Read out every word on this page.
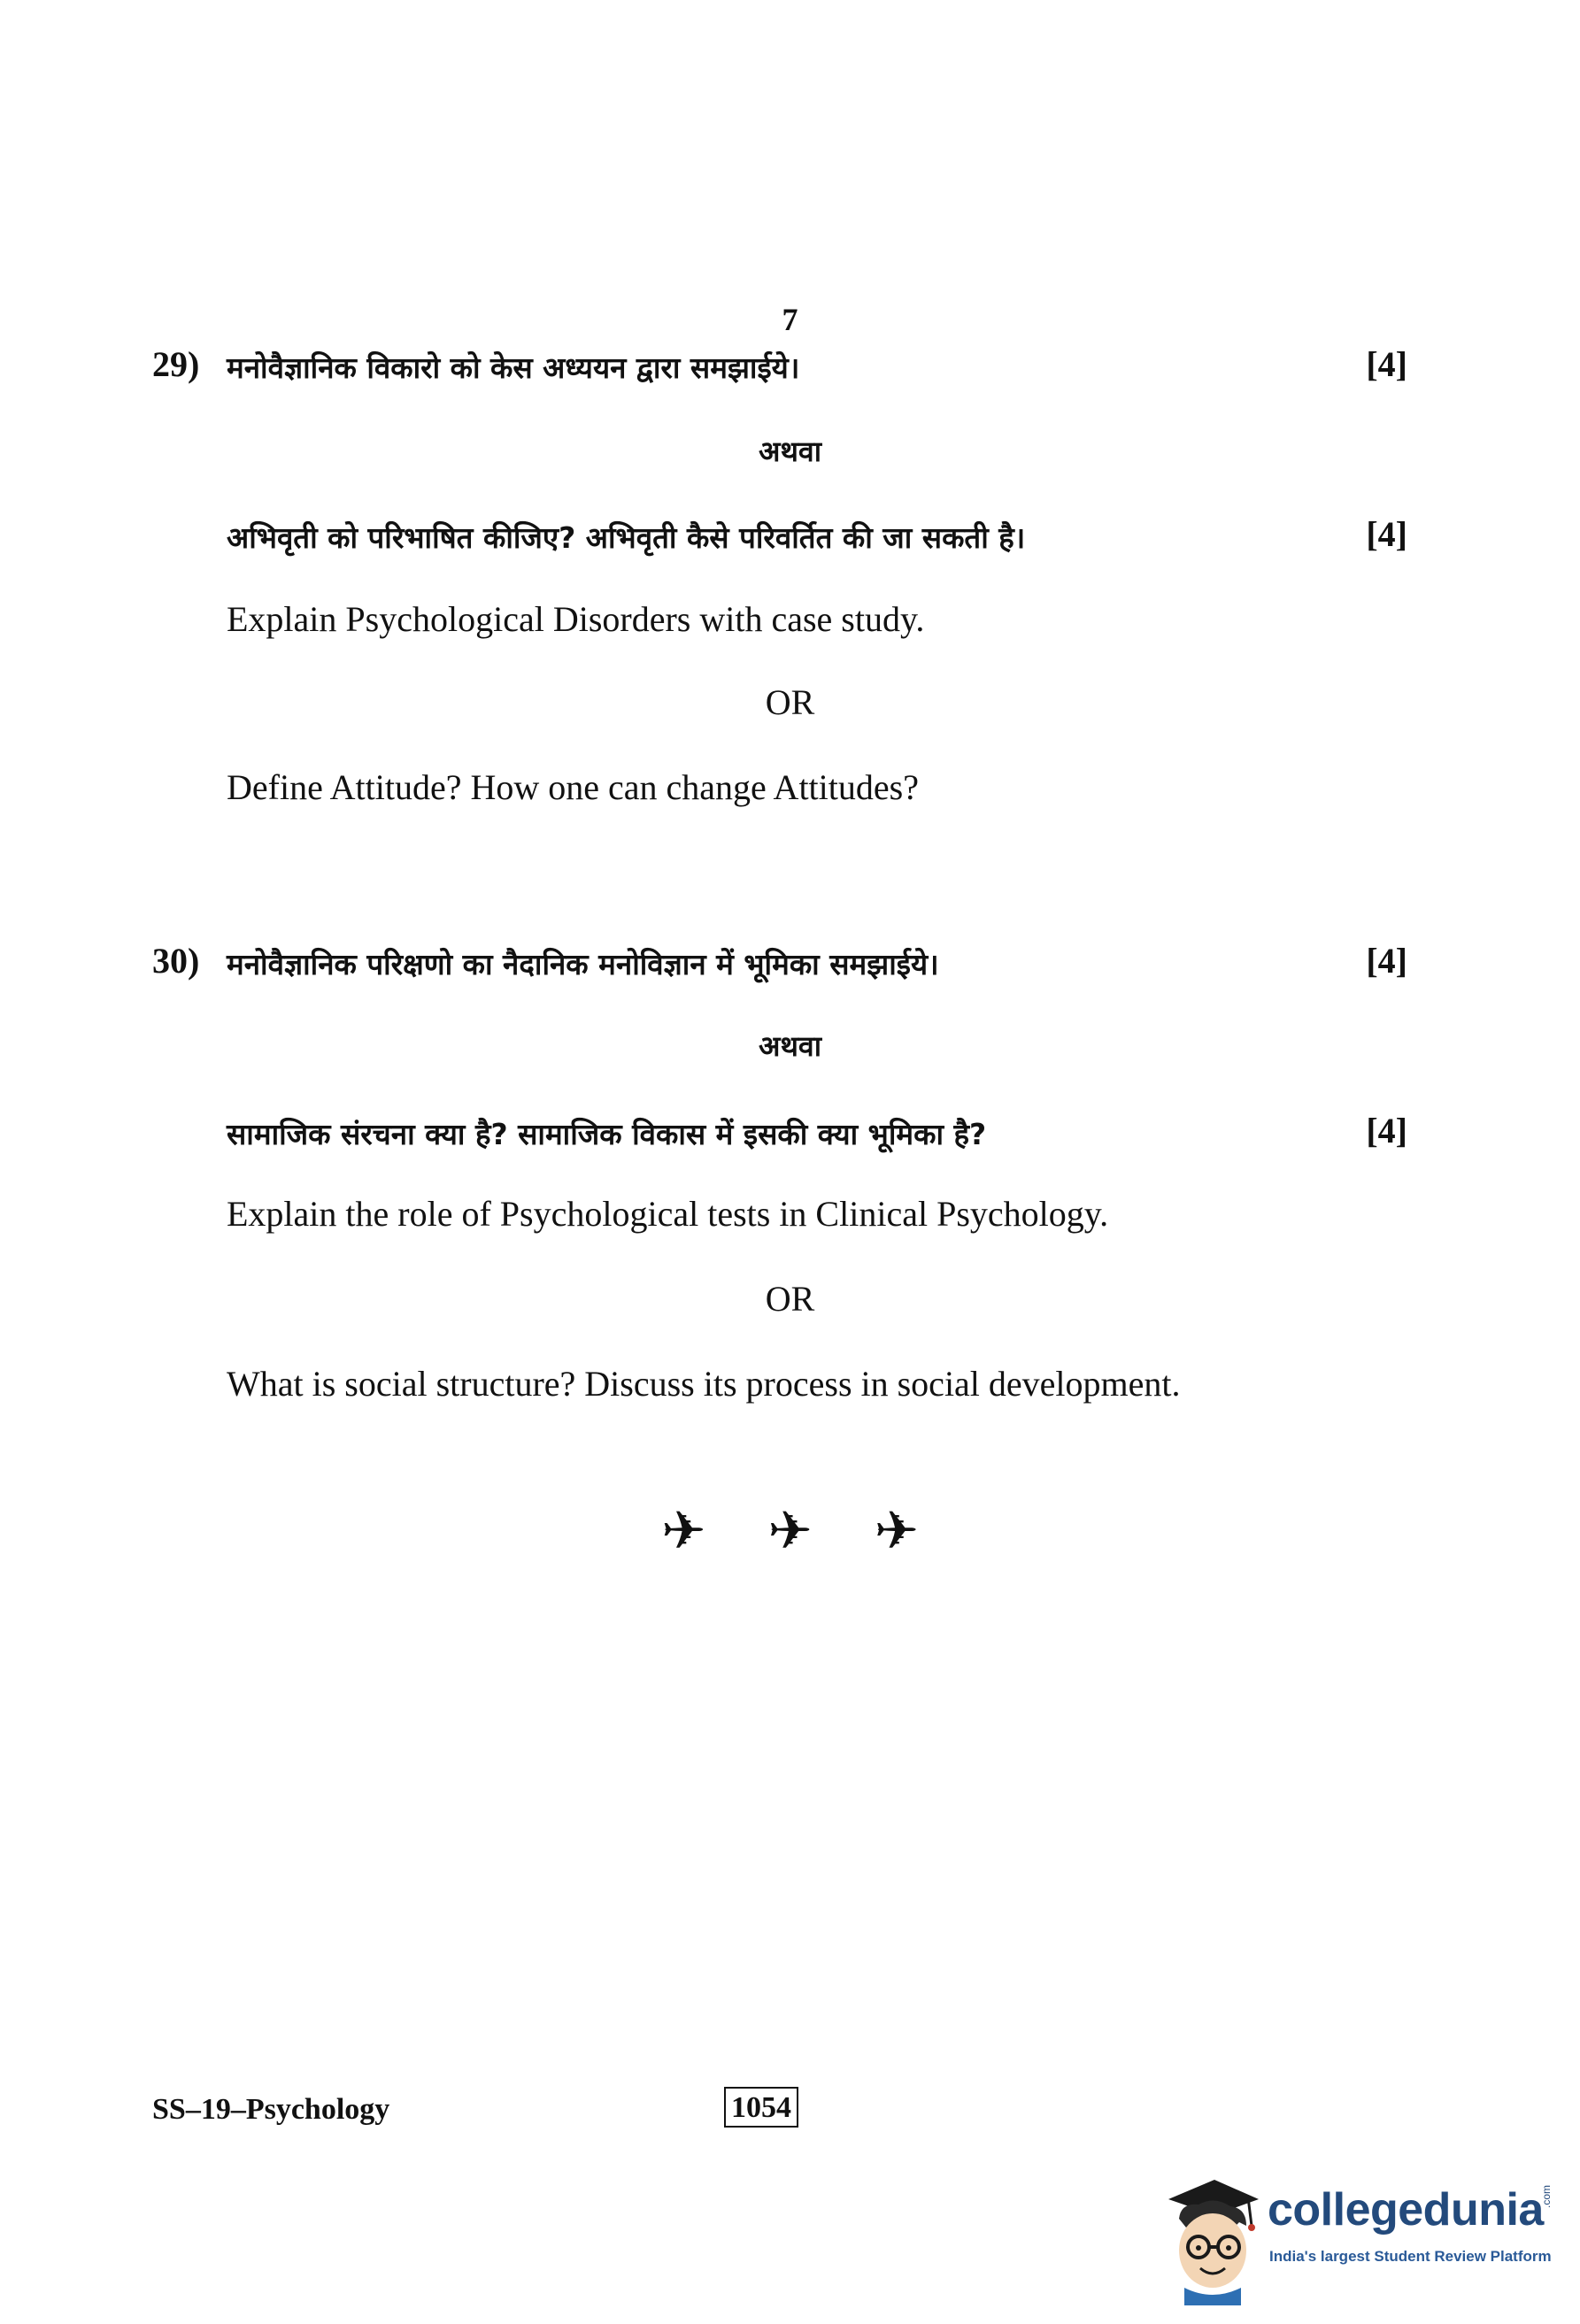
7
29) मनोवैज्ञानिक विकारो को केस अध्ययन द्वारा समझाईये।	[4]
अथवा
अभिवृती को परिभाषित कीजिए? अभिवृती कैसे परिवर्तित की जा सकती है।	[4]
Explain Psychological Disorders with case study.
OR
Define Attitude? How one can change Attitudes?
30) मनोवैज्ञानिक परिक्षणो का नैदानिक मनोविज्ञान में भूमिका समझाईये।	[4]
अथवा
सामाजिक संरचना क्या है? सामाजिक विकास में इसकी क्या भूमिका है?	[4]
Explain the role of Psychological tests in Clinical Psychology.
OR
What is social structure? Discuss its process in social development.
✈ ✈ ✈
SS–19–Psychology	1054
collegedunia
.com
India's largest Student Review Platform
